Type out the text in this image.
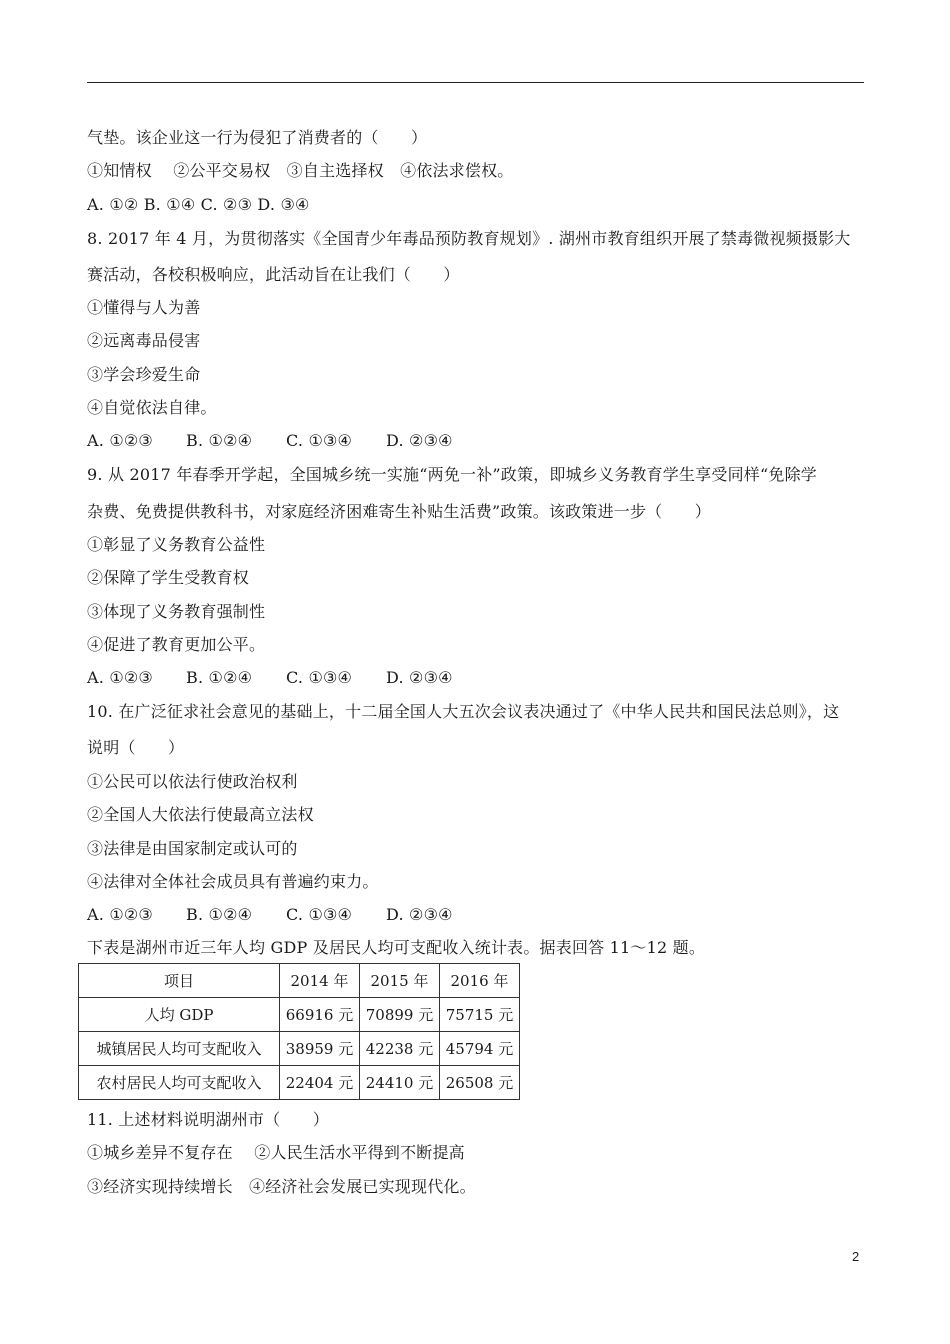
气垫。该企业这一行为侵犯了消费者的（　　）
①知情权　 ②公平交易权　③自主选择权　④依法求偿权。
A. ①② B. ①④ C. ②③ D. ③④
8. 2017 年 4 月，为贯彻落实《全国青少年毒品预防教育规划》. 湖州市教育组织开展了禁毒微视频摄影大
赛活动，各校积极响应，此活动旨在让我们（　　）
①懂得与人为善
②远离毒品侵害
③学会珍爱生命
④自觉依法自律。
A. ①②③ B. ①②④ C. ①③④ D. ②③④
9. 从 2017 年春季开学起，全国城乡统一实施“两免一补”政策，即城乡义务教育学生享受同样“免除学
杂费、免费提供教科书，对家庭经济困难寄生补贴生活费”政策。该政策进一步（　　）
①彰显了义务教育公益性
②保障了学生受教育权
③体现了义务教育强制性
④促进了教育更加公平。
A. ①②③ B. ①②④ C. ①③④ D. ②③④
10. 在广泛征求社会意见的基础上，十二届全国人大五次会议表决通过了《中华人民共和国民法总则》，这
说明（　　）
①公民可以依法行使政治权利
②全国人大依法行使最高立法权
③法律是由国家制定或认可的
④法律对全体社会成员具有普遍约束力。
A. ①②③ B. ①②④ C. ①③④ D. ②③④
下表是湖州市近三年人均 GDP 及居民人均可支配收入统计表。据表回答 11～12 题。
项目	2014 年	2015 年	2016 年
人均 GDP	66916 元	70899 元	75715 元
城镇居民人均可支配收入	38959 元	42238 元	45794 元
农村居民人均可支配收入	22404 元	24410 元	26508 元
11. 上述材料说明湖州市（　　）
①城乡差异不复存在　 ②人民生活水平得到不断提高
③经济实现持续增长　④经济社会发展已实现现代化。
2
